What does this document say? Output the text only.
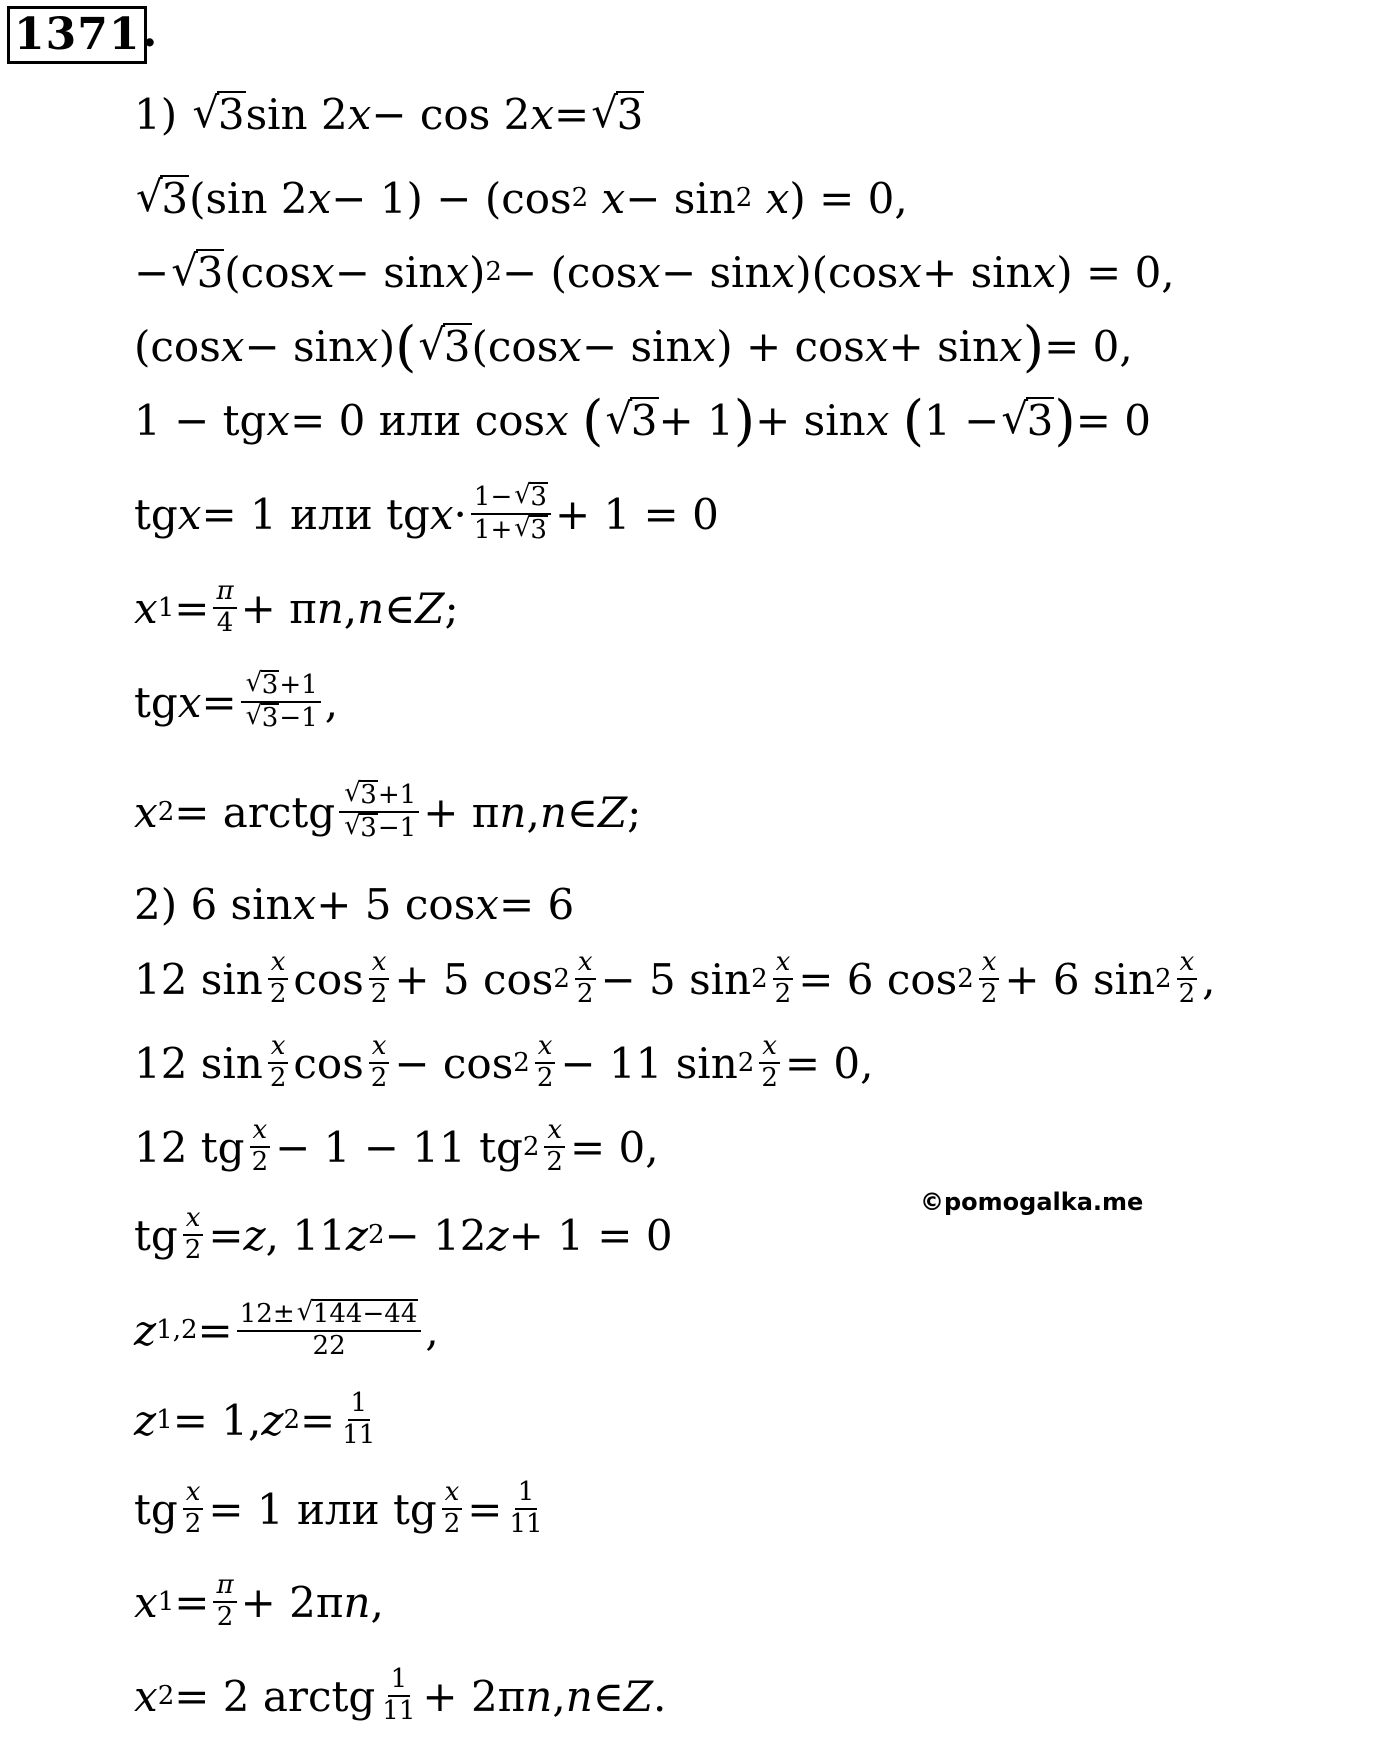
1371 .
1)
√ 3 sin 2 x − cos 2 x = √ 3
√ 3 (sin 2 x − 1) − (cos 2
x − sin 2
x ) = 0,
− √ 3 (cos x − sin x ) 2 − (cos x − sin x )(cos x + sin x ) = 0,
(cos x − sin x ) ( √ 3 (cos x − sin x ) + cos x + sin x ) = 0,
1 − tg x = 0 или cos x
( √ 3 + 1 ) + sin x
( 1 − √ 3 ) = 0
tg x = 1 или tg x · 1− √ 3
1+ √ 3 + 1 = 0
x $1 = \frac{\pi}{4} + \pi$ n , n ∈ Z ;
tg x = √ 3+1
√ 3−1 ,
x 2 = arctg √ 3+1
√ 3−1 + π n , n ∈ Z ;
2) 6 sin x + 5 cos x = 6
12 sin x
2 cos x
2 + 5 cos 2
x
2 − 5 $\sin 2 \frac{x}{2} = 6$ cos 2
x
2 + 6 sin 2
x
2 ,
12 sin x
2 cos x
2 − cos 2
x
2 − 11 $\sin 2 \frac{x}{2} = 0$,
12 tg x
2 − 1 − 11 tg $2 \frac{x}{2} = 0$,
©pomogalka.me
tg $\frac{x}{2} = z$ , 11 z 2 − 12 z + 1 = 0
z $1,2 = \frac{12\pm √ 144-44}{22}$ ,
z 1 = 1, z $2 = \frac{1}{11}$
tg $\frac{x}{2} = 1$ или tg $\frac{x}{2} = \frac{1}{11}$
x $1 = \frac{\pi}{2} + 2\pi$ n ,
x 2 = 2 arctg 1
11 + 2π n , n ∈ Z .
